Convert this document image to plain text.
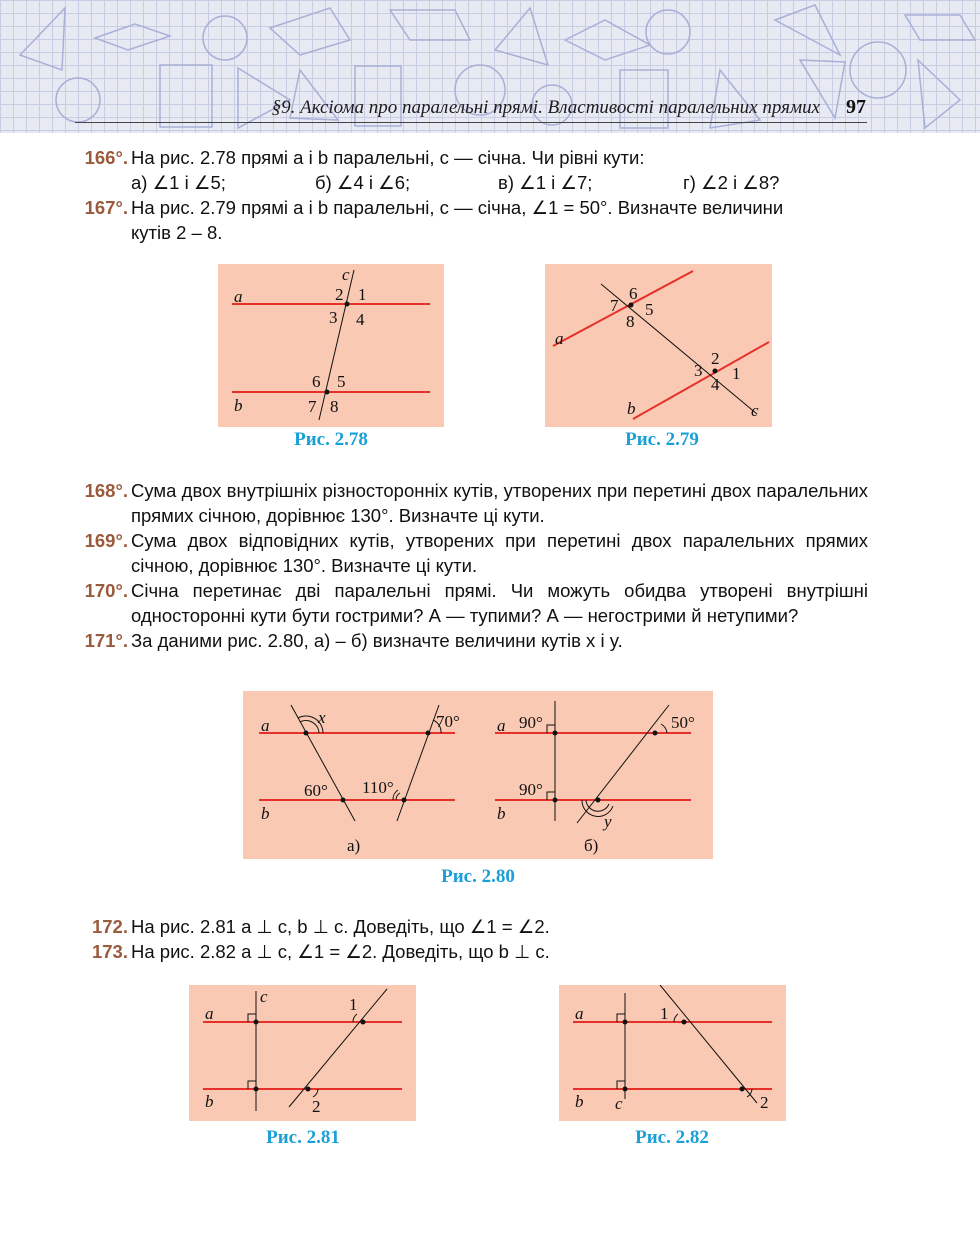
§9. Аксіома про паралельні прямі. Властивості паралельних прямих	97
166°. На рис. 2.78 прямі a і b паралельні, c — січна. Чи рівні кути:
а) ∠1 і ∠5;	б) ∠4 і ∠6;	в) ∠1 і ∠7;	г) ∠2 і ∠8?
167°. На рис. 2.79 прямі a і b паралельні, c — січна, ∠1 = 50°. Визначте величини
кутів 2 – 8.
a
b
c
2 1
3 4
6 5
7 8
Рис. 2.78
a
b	c
6
7 5
8
2
3 1
4
Рис. 2.79
168°. Сума двох внутрішніх різносторонніх кутів, утворених при перетині двох паралельних прямих січною, дорівнює 130°. Визначте ці кути.
169°. Сума двох відповідних кутів, утворених при перетині двох паралельних прямих січною, дорівнює 130°. Визначте ці кути.
170°. Січна перетинає дві паралельні прямі. Чи можуть обидва утворені внутрішні односторонні кути бути гострими? А — тупими? А — негострими й нетупими?
171°. За даними рис. 2.80, а) – б) визначте величини кутів x і y.
a
b
x
60° 110°
70°
а)
a
b
90°
90°
50°
y
б)
Рис. 2.80
172. На рис. 2.81 a ⊥ c, b ⊥ c. Доведіть, що ∠1 = ∠2.
173. На рис. 2.82 a ⊥ c, ∠1 = ∠2. Доведіть, що b ⊥ c.
a
b
c	1
2
Рис. 2.81
a
b c
1
2
Рис. 2.82
